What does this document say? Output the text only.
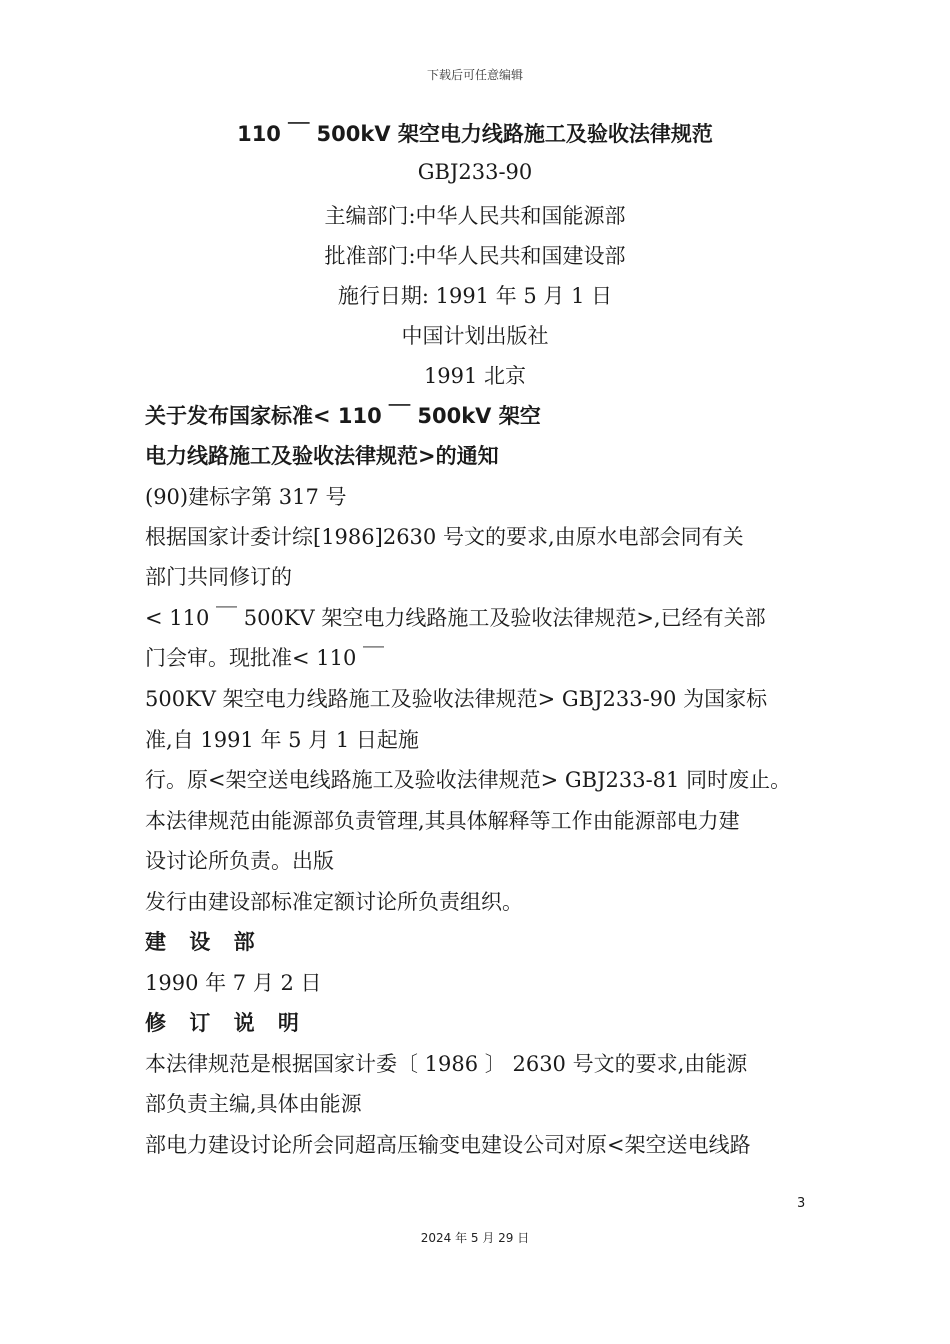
下载后可任意编辑
110 ￣ 500kV 架空电力线路施工及验收法律规范
GBJ233-90
主编部门:中华人民共和国能源部
批准部门:中华人民共和国建设部
施行日期: 1991 年 5 月 1 日
中国计划出版社
1991 北京
关于发布国家标准< 110 ￣ 500kV 架空
电力线路施工及验收法律规范>的通知
(90)建标字第 317 号
根据国家计委计综[1986]2630 号文的要求,由原水电部会同有关
部门共同修订的
< 110 ￣ 500KV 架空电力线路施工及验收法律规范>,已经有关部
门会审。现批准< 110 ￣
500KV 架空电力线路施工及验收法律规范> GBJ233-90 为国家标
准,自 1991 年 5 月 1 日起施
行。原<架空送电线路施工及验收法律规范> GBJ233-81 同时废止。
本法律规范由能源部负责管理,其具体解释等工作由能源部电力建
设讨论所负责。出版
发行由建设部标准定额讨论所负责组织。
建 设 部
1990 年 7 月 2 日
修 订 说 明
本法律规范是根据国家计委〔 1986 〕 2630 号文的要求,由能源
部负责主编,具体由能源
部电力建设讨论所会同超高压输变电建设公司对原<架空送电线路
3
2024 年 5 月 29 日
